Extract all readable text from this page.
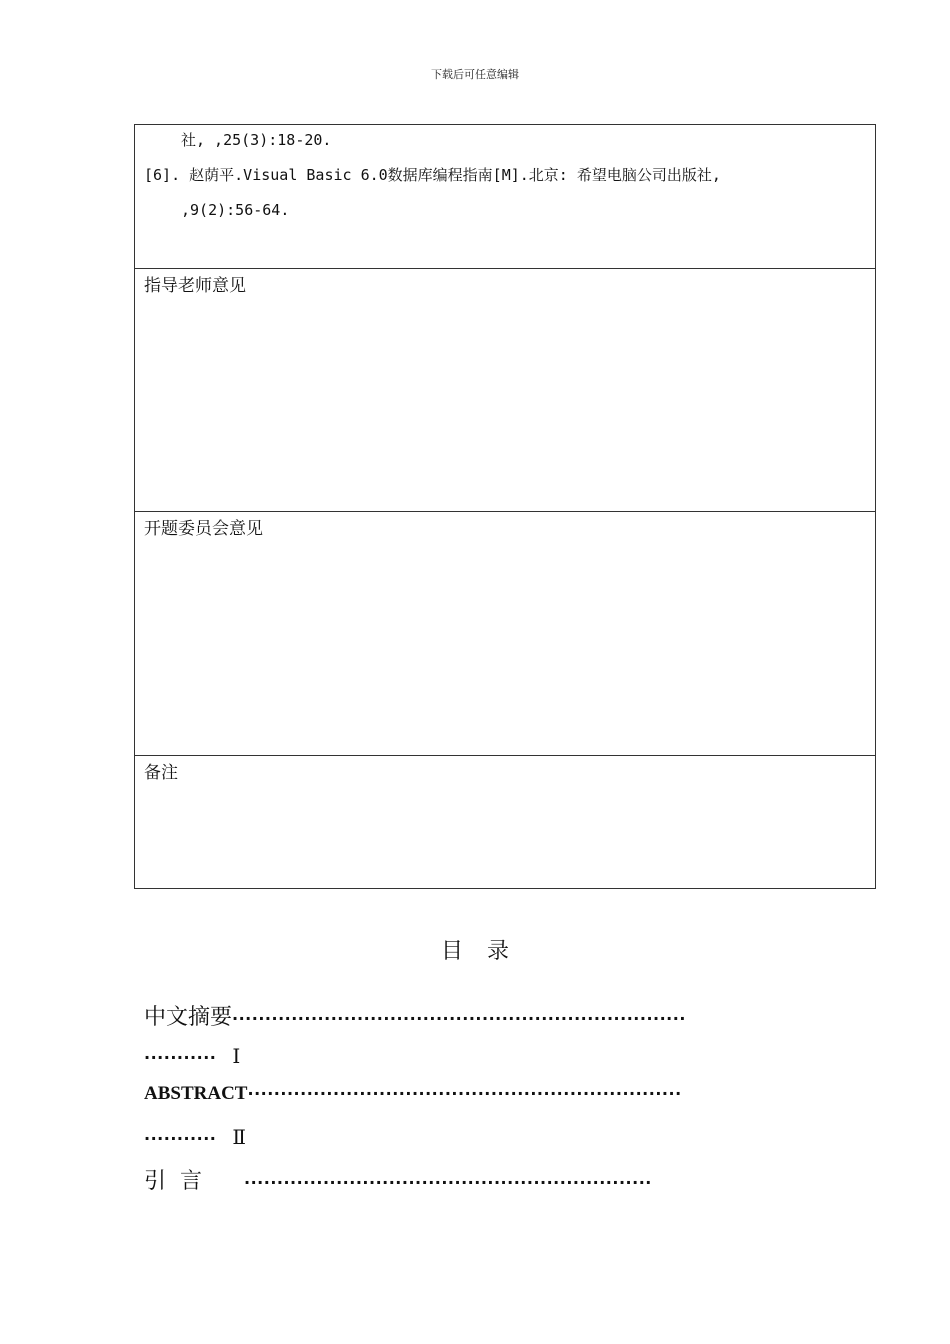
下载后可任意编辑
社, ,25(3):18-20.
[6]. 赵荫平.Visual Basic 6.0数据库编程指南[M].北京: 希望电脑公司出版社,
,9(2):56-64.
指导老师意见
开题委员会意见
备注
目录
中文摘要·····································································
··········· Ⅰ
ABSTRACT··································································
··········· Ⅱ
引  言	······························································
